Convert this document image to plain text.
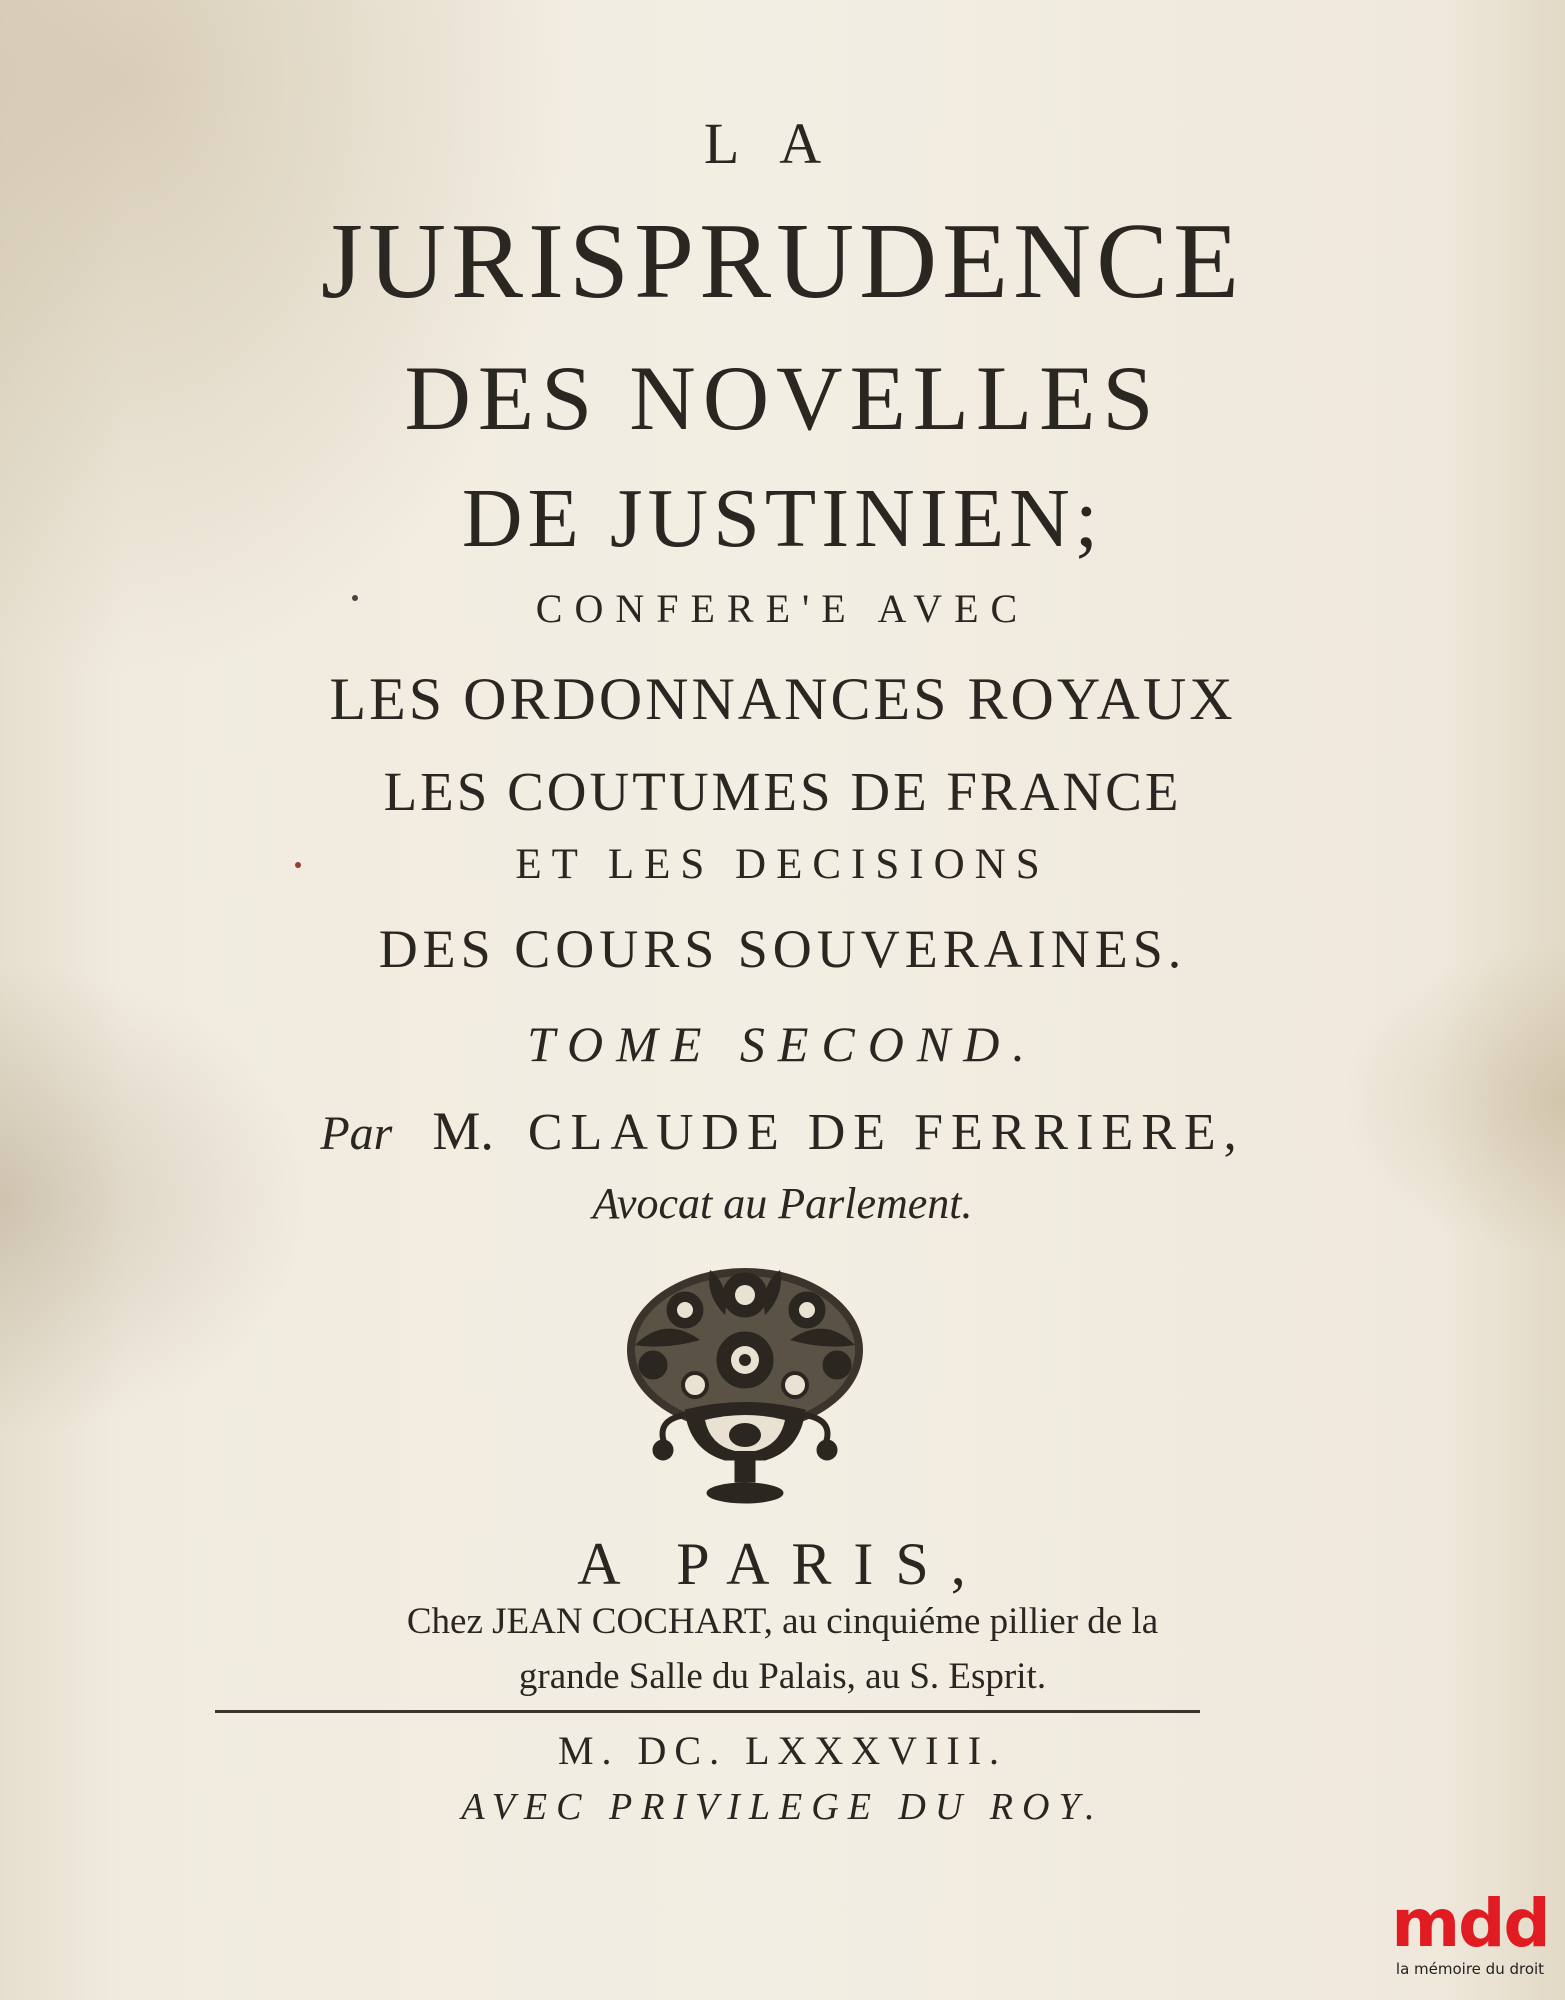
LA
JURISPRUDENCE
DES NOVELLES
DE JUSTINIEN;
CONFERE'E AVEC
LES ORDONNANCES ROYAUX
LES COUTUMES DE FRANCE
ET LES DECISIONS
DES COURS SOUVERAINES.
TOME SECOND.
Par M. CLAUDE DE FERRIERE,
Avocat au Parlement.
A PARIS,
Chez JEAN COCHART, au cinquiéme pillier de la
grande Salle du Palais, au S. Esprit.
M. DC. LXXXVIII.
AVEC PRIVILEGE DU ROY.
mdd
la mémoire du droit
